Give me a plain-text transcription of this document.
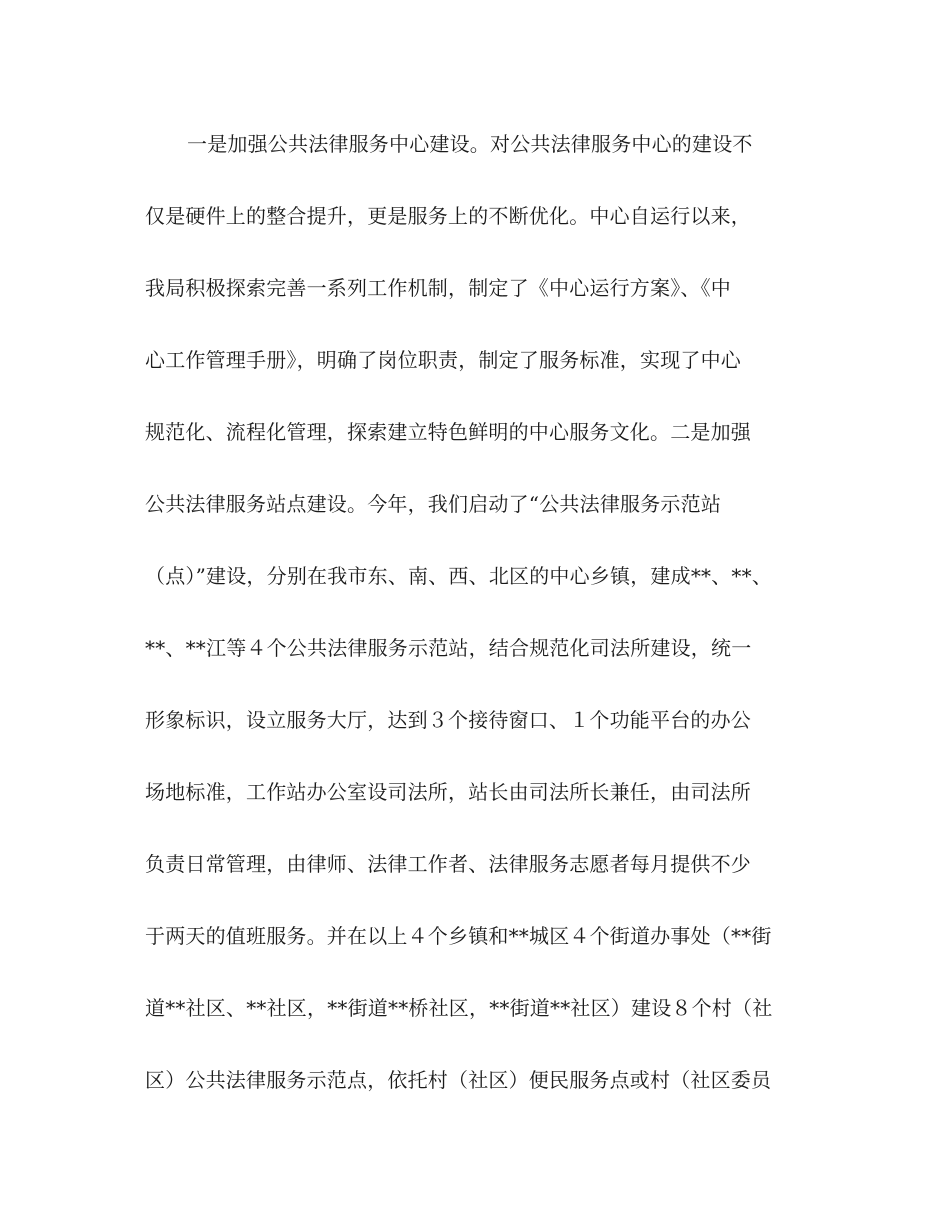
一是加强公共法律服务中心建设。对公共法律服务中心的建设不
仅是硬件上的整合提升，更是服务上的不断优化。中心自运行以来，
我局积极探索完善一系列工作机制，制定了《中心运行方案》、《中
心工作管理手册》，明确了岗位职责，制定了服务标准，实现了中心
规范化、流程化管理，探索建立特色鲜明的中心服务文化。二是加强
公共法律服务站点建设。今年，我们启动了“公共法律服务示范站
（点）”建设，分别在我市东、南、西、北区的中心乡镇，建成**、**、
**、**江等４个公共法律服务示范站，结合规范化司法所建设，统一
形象标识，设立服务大厅，达到３个接待窗口、１个功能平台的办公
场地标准，工作站办公室设司法所，站长由司法所长兼任，由司法所
负责日常管理，由律师、法律工作者、法律服务志愿者每月提供不少
于两天的值班服务。并在以上４个乡镇和**城区４个街道办事处（**街
道**社区、**社区，**街道**桥社区，**街道**社区）建设８个村（社
区）公共法律服务示范点，依托村（社区）便民服务点或村（社区委员
